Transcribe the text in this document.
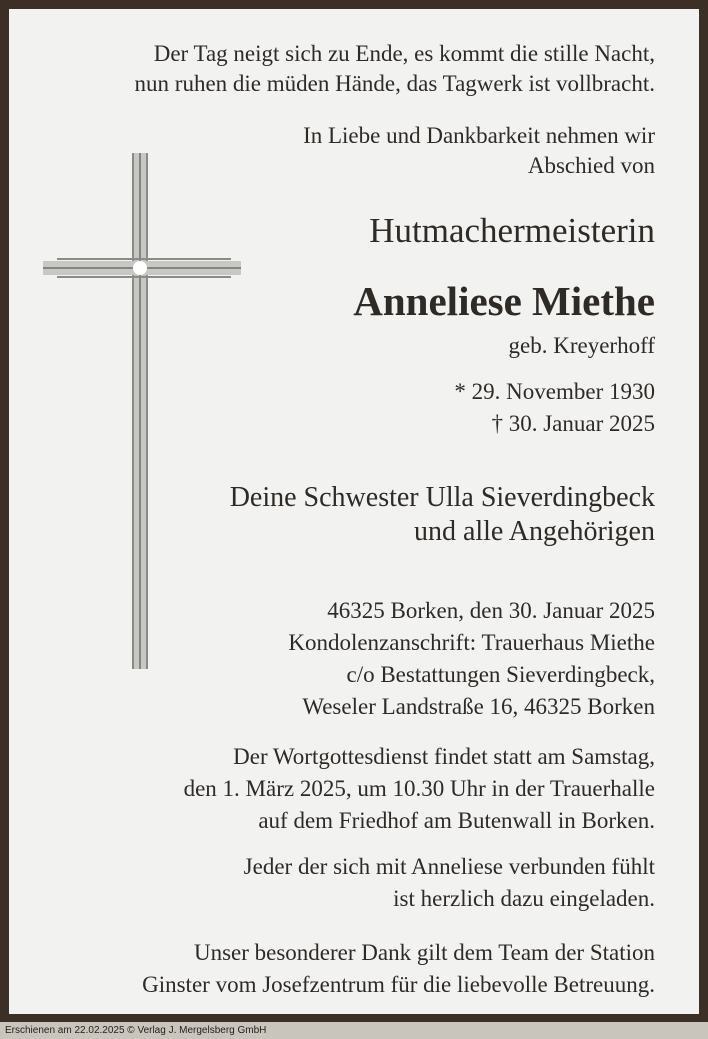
Der Tag neigt sich zu Ende, es kommt die stille Nacht,
nun ruhen die müden Hände, das Tagwerk ist vollbracht.
In Liebe und Dankbarkeit nehmen wir
Abschied von
Hutmachermeisterin
Anneliese Miethe
geb. Kreyerhoff
* 29. November 1930
† 30. Januar 2025
Deine Schwester Ulla Sieverdingbeck
und alle Angehörigen
46325 Borken, den 30. Januar 2025
Kondolenzanschrift: Trauerhaus Miethe
c/o Bestattungen Sieverdingbeck,
Weseler Landstraße 16, 46325 Borken
Der Wortgottesdienst findet statt am Samstag,
den 1. März 2025, um 10.30 Uhr in der Trauerhalle
auf dem Friedhof am Butenwall in Borken.
Jeder der sich mit Anneliese verbunden fühlt
ist herzlich dazu eingeladen.
Unser besonderer Dank gilt dem Team der Station
Ginster vom Josefzentrum für die liebevolle Betreuung.
Erschienen am 22.02.2025 © Verlag J. Mergelsberg GmbH
